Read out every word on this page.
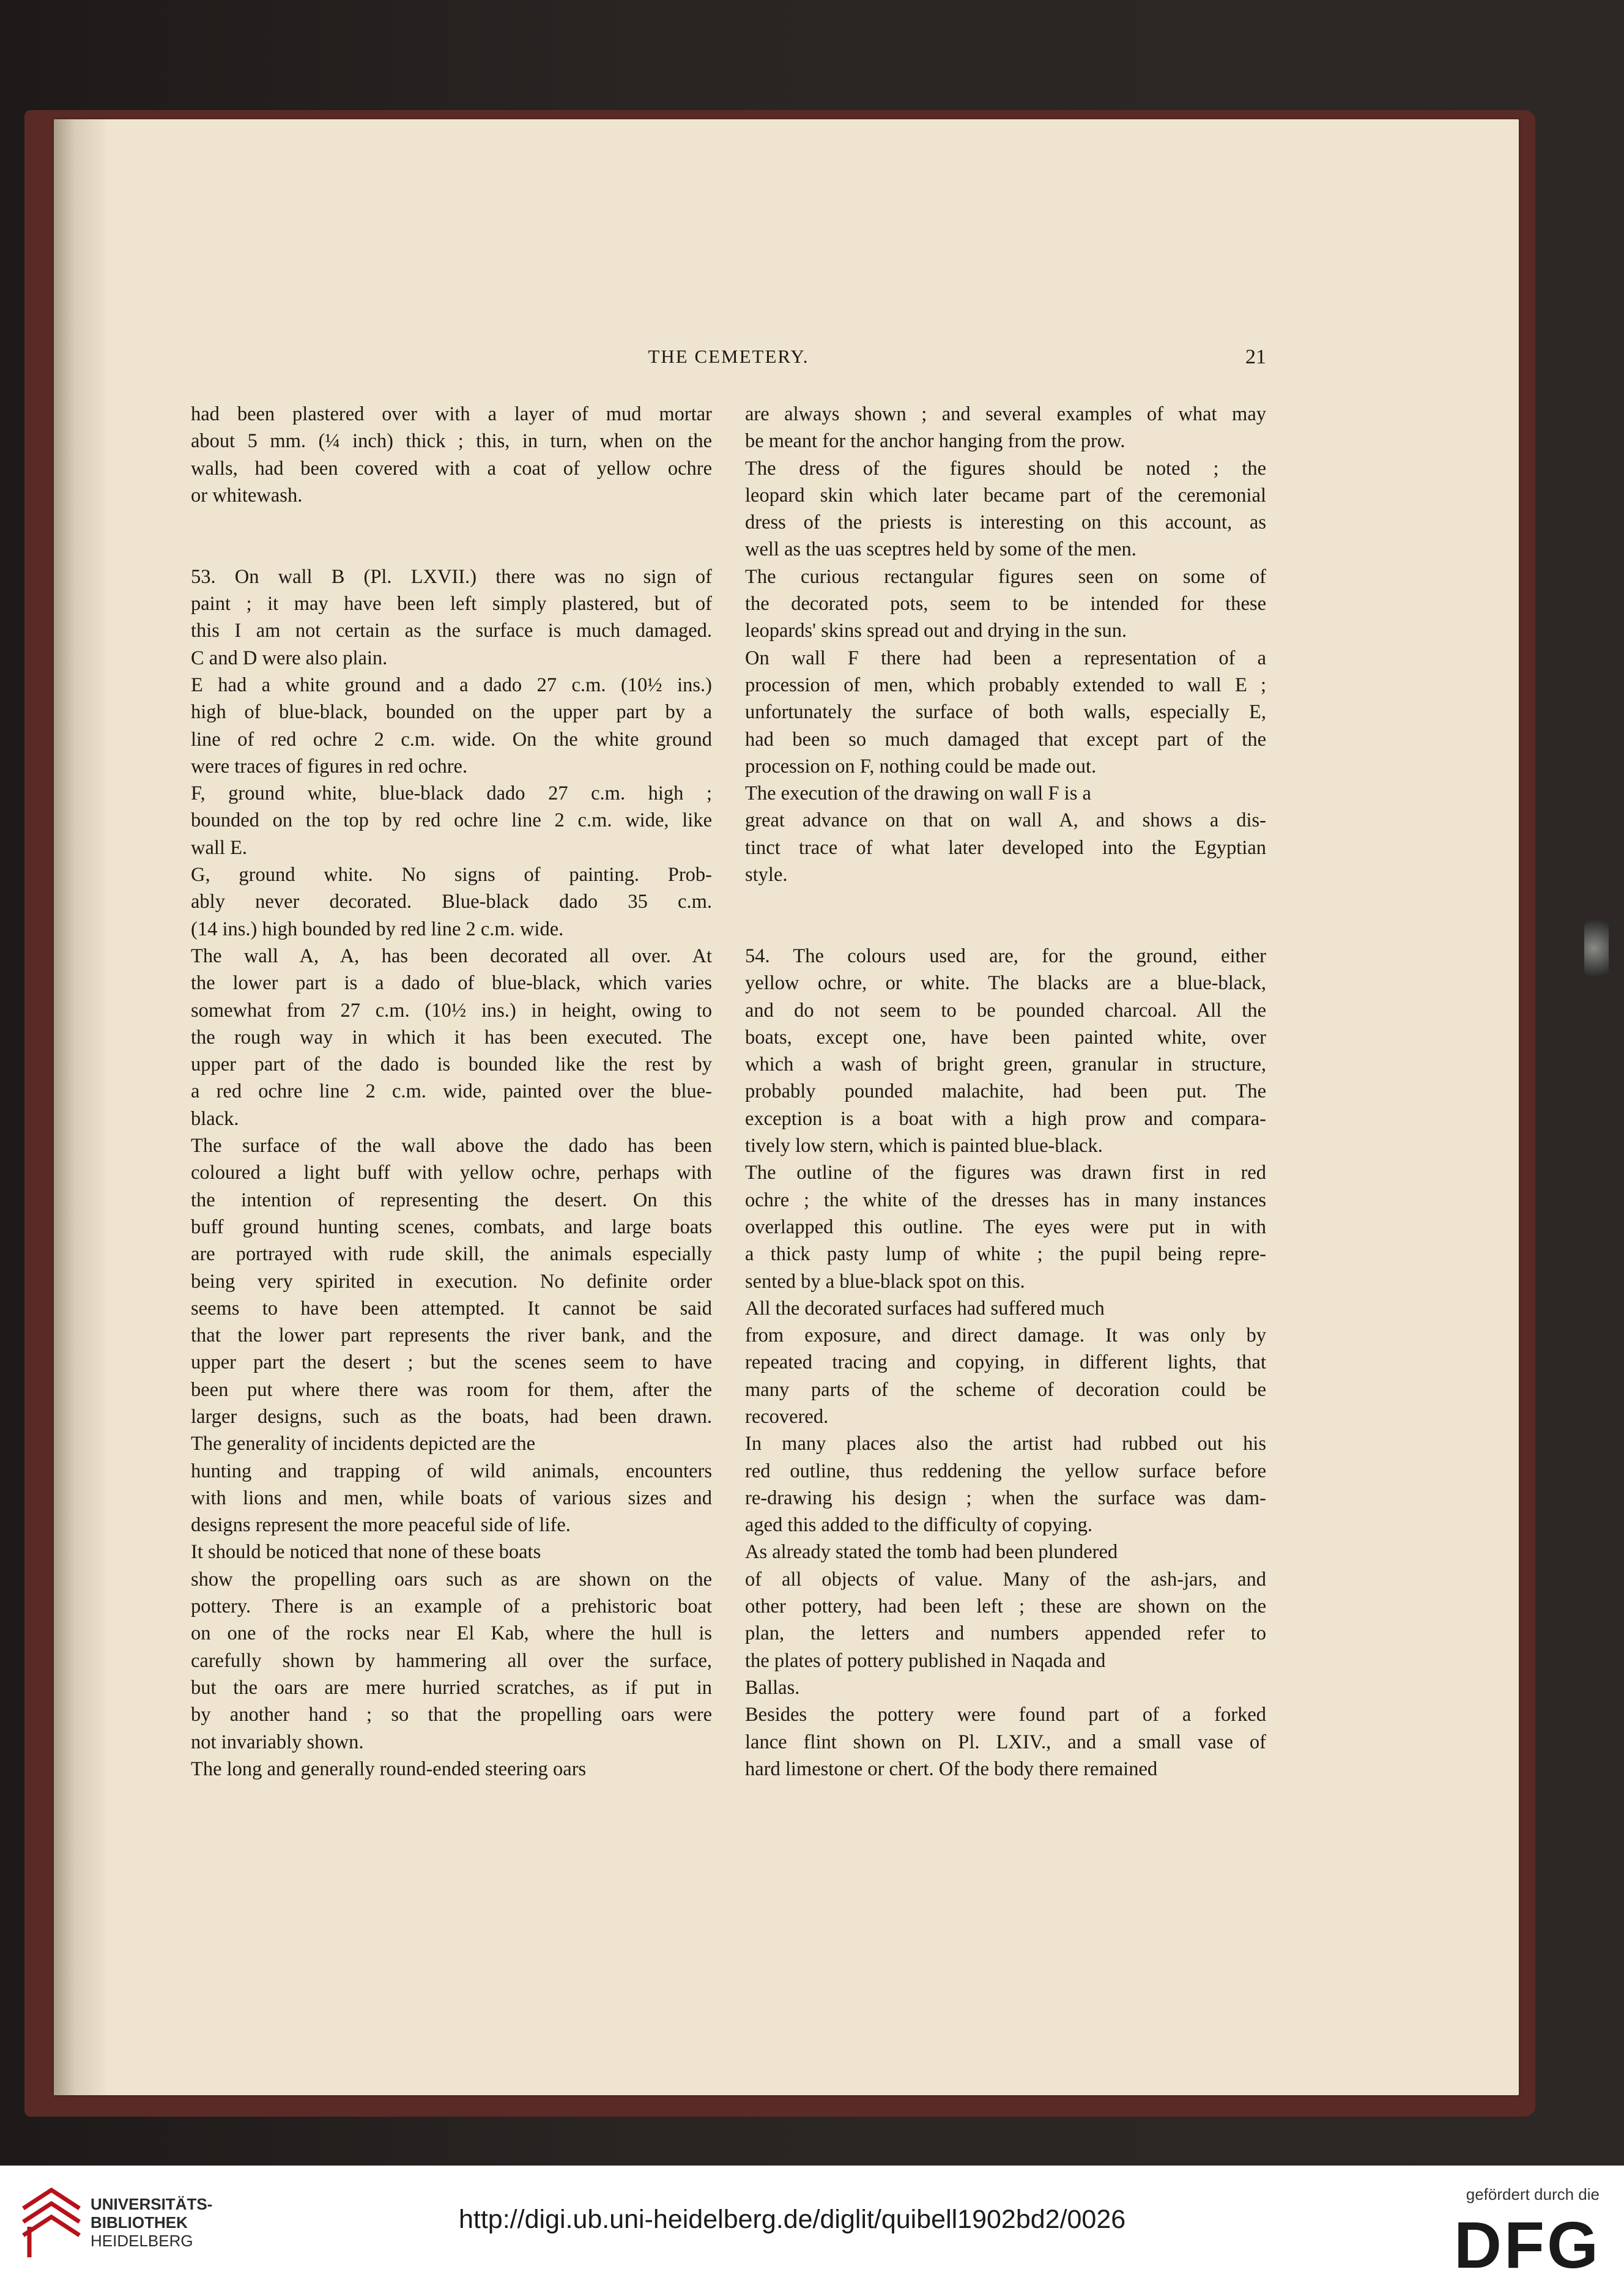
THE CEMETERY.	21
had been plastered over with a layer of mud mortar
about 5 mm. (¼ inch) thick ; this, in turn, when on the
walls, had been covered with a coat of yellow ochre
or whitewash.
53. On wall B (Pl. LXVII.) there was no sign of
paint ; it may have been left simply plastered, but of
this I am not certain as the surface is much damaged.
C and D were also plain.
E had a white ground and a dado 27 c.m. (10½ ins.)
high of blue-black, bounded on the upper part by a
line of red ochre 2 c.m. wide. On the white ground
were traces of figures in red ochre.
F, ground white, blue-black dado 27 c.m. high ;
bounded on the top by red ochre line 2 c.m. wide, like
wall E.
G, ground white. No signs of painting. Prob-
ably never decorated. Blue-black dado 35 c.m.
(14 ins.) high bounded by red line 2 c.m. wide.
The wall A, A, has been decorated all over. At
the lower part is a dado of blue-black, which varies
somewhat from 27 c.m. (10½ ins.) in height, owing to
the rough way in which it has been executed. The
upper part of the dado is bounded like the rest by
a red ochre line 2 c.m. wide, painted over the blue-
black.
The surface of the wall above the dado has been
coloured a light buff with yellow ochre, perhaps with
the intention of representing the desert. On this
buff ground hunting scenes, combats, and large boats
are portrayed with rude skill, the animals especially
being very spirited in execution. No definite order
seems to have been attempted. It cannot be said
that the lower part represents the river bank, and the
upper part the desert ; but the scenes seem to have
been put where there was room for them, after the
larger designs, such as the boats, had been drawn.
The generality of incidents depicted are the
hunting and trapping of wild animals, encounters
with lions and men, while boats of various sizes and
designs represent the more peaceful side of life.
It should be noticed that none of these boats
show the propelling oars such as are shown on the
pottery. There is an example of a prehistoric boat
on one of the rocks near El Kab, where the hull is
carefully shown by hammering all over the surface,
but the oars are mere hurried scratches, as if put in
by another hand ; so that the propelling oars were
not invariably shown.
The long and generally round-ended steering oars
are always shown ; and several examples of what may
be meant for the anchor hanging from the prow.
The dress of the figures should be noted ; the
leopard skin which later became part of the ceremonial
dress of the priests is interesting on this account, as
well as the uas sceptres held by some of the men.
The curious rectangular figures seen on some of
the decorated pots, seem to be intended for these
leopards' skins spread out and drying in the sun.
On wall F there had been a representation of a
procession of men, which probably extended to wall E ;
unfortunately the surface of both walls, especially E,
had been so much damaged that except part of the
procession on F, nothing could be made out.
The execution of the drawing on wall F is a
great advance on that on wall A, and shows a dis-
tinct trace of what later developed into the Egyptian
style.
54. The colours used are, for the ground, either
yellow ochre, or white. The blacks are a blue-black,
and do not seem to be pounded charcoal. All the
boats, except one, have been painted white, over
which a wash of bright green, granular in structure,
probably pounded malachite, had been put. The
exception is a boat with a high prow and compara-
tively low stern, which is painted blue-black.
The outline of the figures was drawn first in red
ochre ; the white of the dresses has in many instances
overlapped this outline. The eyes were put in with
a thick pasty lump of white ; the pupil being repre-
sented by a blue-black spot on this.
All the decorated surfaces had suffered much
from exposure, and direct damage. It was only by
repeated tracing and copying, in different lights, that
many parts of the scheme of decoration could be
recovered.
In many places also the artist had rubbed out his
red outline, thus reddening the yellow surface before
re-drawing his design ; when the surface was dam-
aged this added to the difficulty of copying.
As already stated the tomb had been plundered
of all objects of value. Many of the ash-jars, and
other pottery, had been left ; these are shown on the
plan, the letters and numbers appended refer to
the plates of pottery published in Naqada and
Ballas.
Besides the pottery were found part of a forked
lance flint shown on Pl. LXIV., and a small vase of
hard limestone or chert. Of the body there remained
UNIVERSITÄTS-
BIBLIOTHEK
HEIDELBERG
http://digi.ub.uni-heidelberg.de/diglit/quibell1902bd2/0026
gefördert durch die
DFG
